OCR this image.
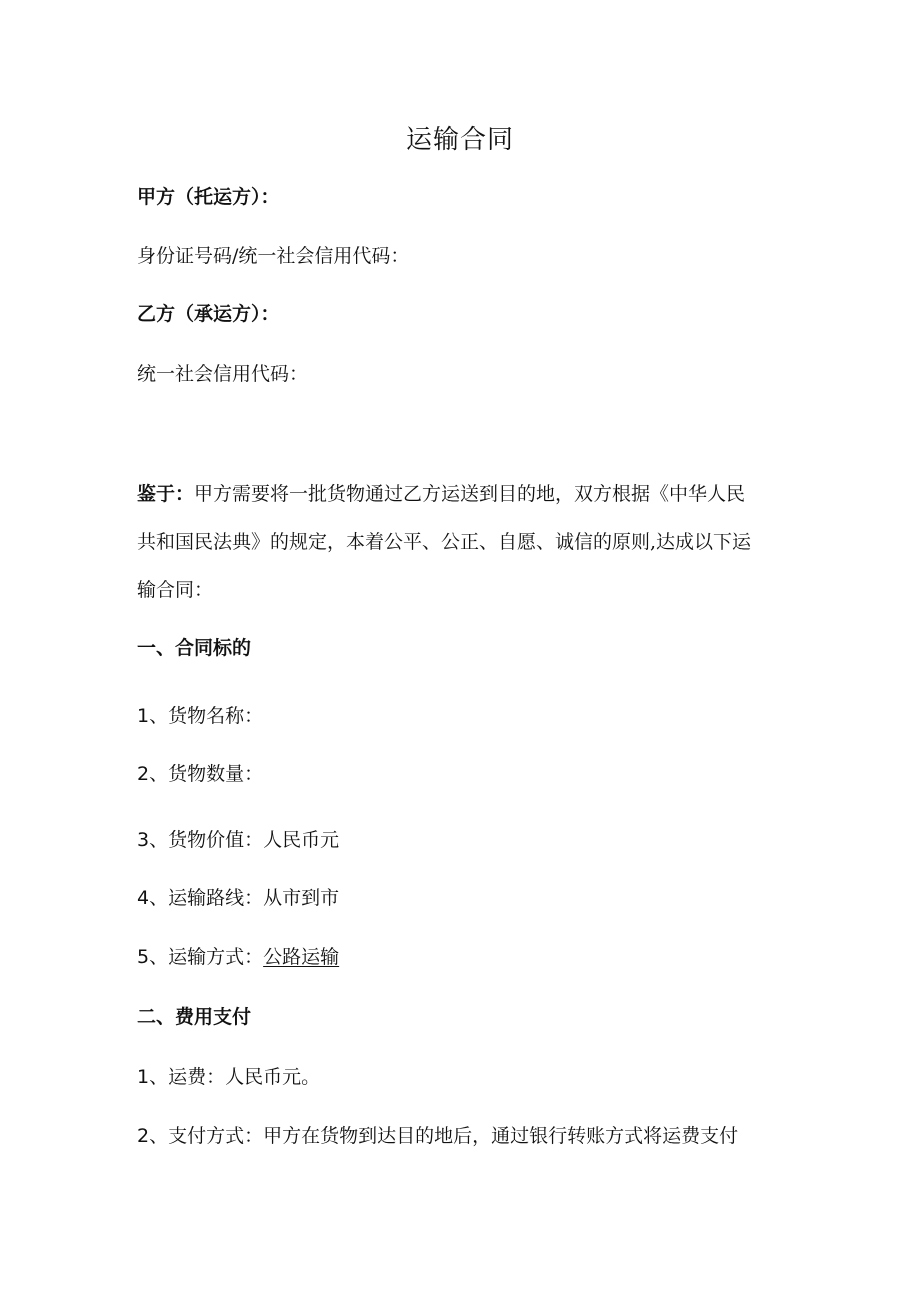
运输合同
甲方（托运方）：
身份证号码/统一社会信用代码：
乙方（承运方）：
统一社会信用代码：
鉴于：甲方需要将一批货物通过乙方运送到目的地，双方根据《中华人民
共和国民法典》的规定，本着公平、公正、自愿、诚信的原则,达成以下运
输合同：
一、合同标的
1、货物名称：
2、货物数量：
3、货物价值：人民币元
4、运输路线：从市到市
5、运输方式：公路运输
二、费用支付
1、运费：人民币元。
2、支付方式：甲方在货物到达目的地后，通过银行转账方式将运费支付
